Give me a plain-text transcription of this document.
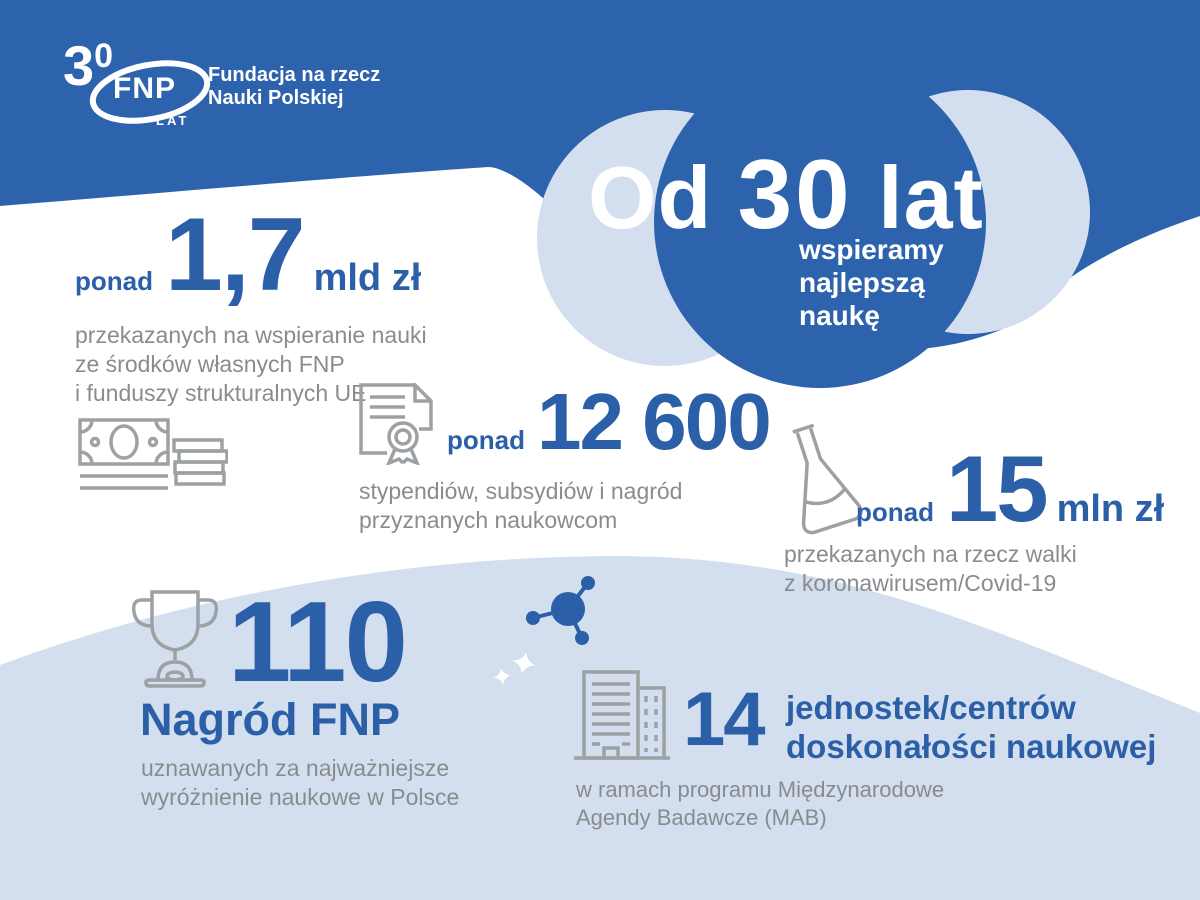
30
FNP
LAT
Fundacja na rzecz
Nauki Polskiej
Od 30 lat
wspieramy
najlepszą
naukę
ponad 1,7 mld zł
przekazanych na wspieranie nauki
ze środków własnych FNP
i funduszy strukturalnych UE
ponad 12 600
stypendiów, subsydiów i nagród
przyznanych naukowcom	ponad 15 mln zł
przekazanych na rzecz walki
z koronawirusem/Covid-19
110
Nagród FNP
uznawanych za najważniejsze
wyróżnienie naukowe w Polsce
14 jednostek/centrów
doskonałości naukowej
w ramach programu Międzynarodowe
Agendy Badawcze (MAB)
